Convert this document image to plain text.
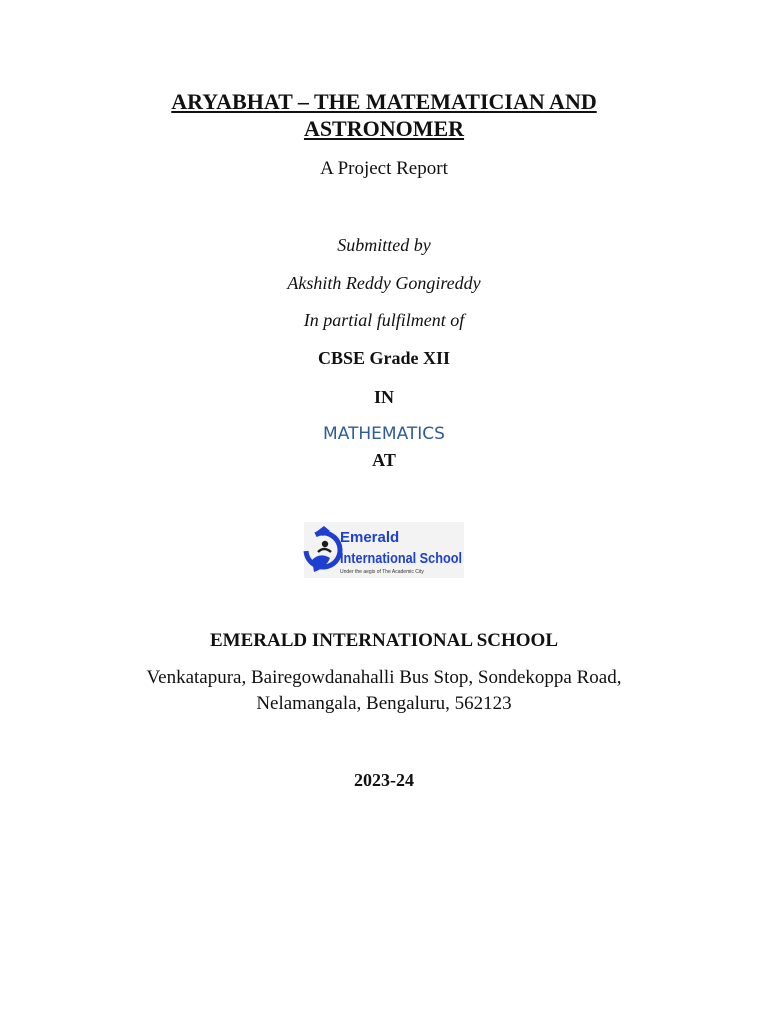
ARYABHAT – THE MATEMATICIAN AND
ASTRONOMER
A Project Report
Submitted by
Akshith Reddy Gongireddy
In partial fulfilment of
CBSE Grade XII
IN
MATHEMATICS
AT
Emerald
International School
Under the aegis of The Academic City
EMERALD INTERNATIONAL SCHOOL
Venkatapura, Bairegowdanahalli Bus Stop, Sondekoppa Road,
Nelamangala, Bengaluru, 562123
2023-24
